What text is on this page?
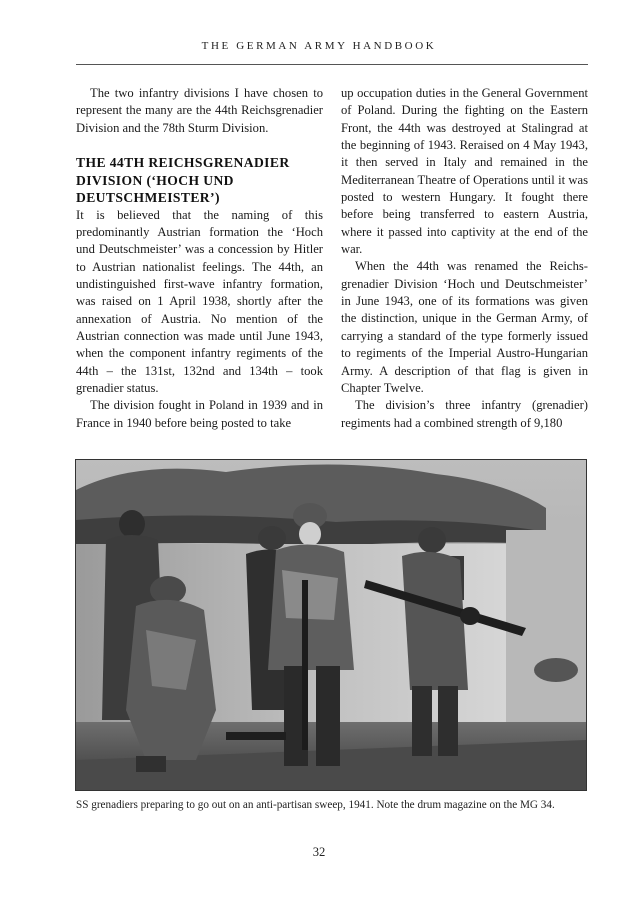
THE GERMAN ARMY HANDBOOK

The two infantry divisions I have chosen to represent the many are the 44th Reichsgrenadier Division and the 78th Sturm Division.

THE 44TH REICHSGRENADIER DIVISION (‘HOCH UND DEUTSCHMEISTER’)

It is believed that the naming of this predominantly Austrian formation the ‘Hoch und Deutschmeister’ was a concession by Hitler to Austrian nationalist feelings. The 44th, an undistinguished first-wave infantry formation, was raised on 1 April 1938, shortly after the annexation of Austria. No mention of the Austrian connection was made until June 1943, when the component infantry regiments of the 44th – the 131st, 132nd and 134th – took grenadier status.

The division fought in Poland in 1939 and in France in 1940 before being posted to take

up occupation duties in the General Government of Poland. During the fighting on the Eastern Front, the 44th was destroyed at Stalingrad at the beginning of 1943. Reraised on 4 May 1943, it then served in Italy and remained in the Mediterranean Theatre of Operations until it was posted to western Hungary. It fought there before being transferred to eastern Austria, where it passed into captivity at the end of the war.

When the 44th was renamed the Reichsgrenadier Division ‘Hoch und Deutschmeister’ in June 1943, one of its formations was given the distinction, unique in the German Army, of carrying a standard of the type formerly issued to regiments of the Imperial Austro-Hungarian Army. A description of that flag is given in Chapter Twelve.

The division’s three infantry (grenadier) regiments had a combined strength of 9,180

SS grenadiers preparing to go out on an anti-partisan sweep, 1941. Note the drum magazine on the MG 34.
32
